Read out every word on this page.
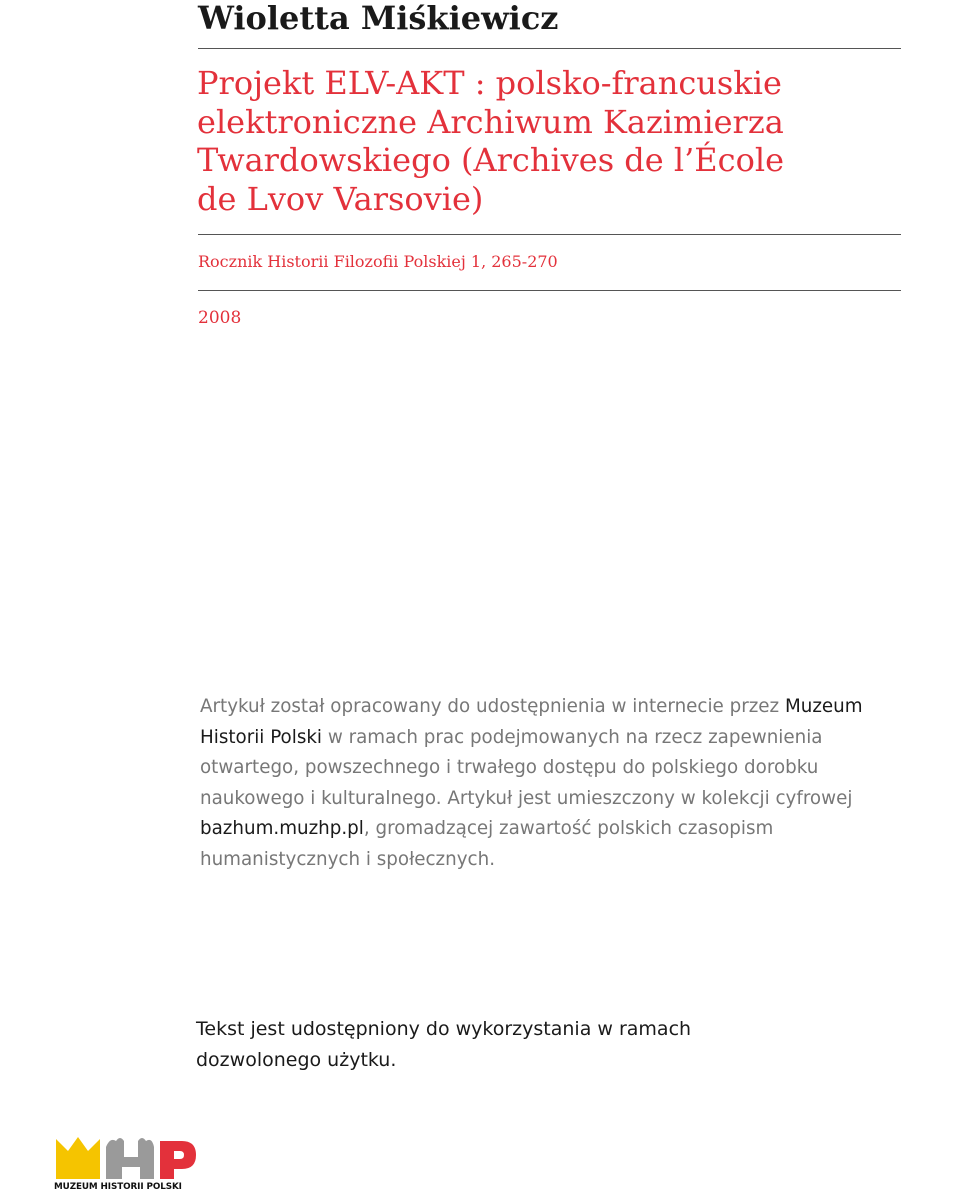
Wioletta Miśkiewicz
Projekt ELV-AKT : polsko-francuskie
elektroniczne Archiwum Kazimierza
Twardowskiego (Archives de l’École
de Lvov Varsovie)
Rocznik Historii Filozofii Polskiej 1, 265-270
2008
Artykuł został opracowany do udostępnienia w internecie przez Muzeum Historii Polski w ramach prac podejmowanych na rzecz zapewnienia otwartego, powszechnego i trwałego dostępu do polskiego dorobku naukowego i kulturalnego. Artykuł jest umieszczony w kolekcji cyfrowej bazhum.muzhp.pl, gromadzącej zawartość polskich czasopism humanistycznych i społecznych.
Tekst jest udostępniony do wykorzystania w ramach
dozwolonego użytku.
MUZEUM HISTORII POLSKI
